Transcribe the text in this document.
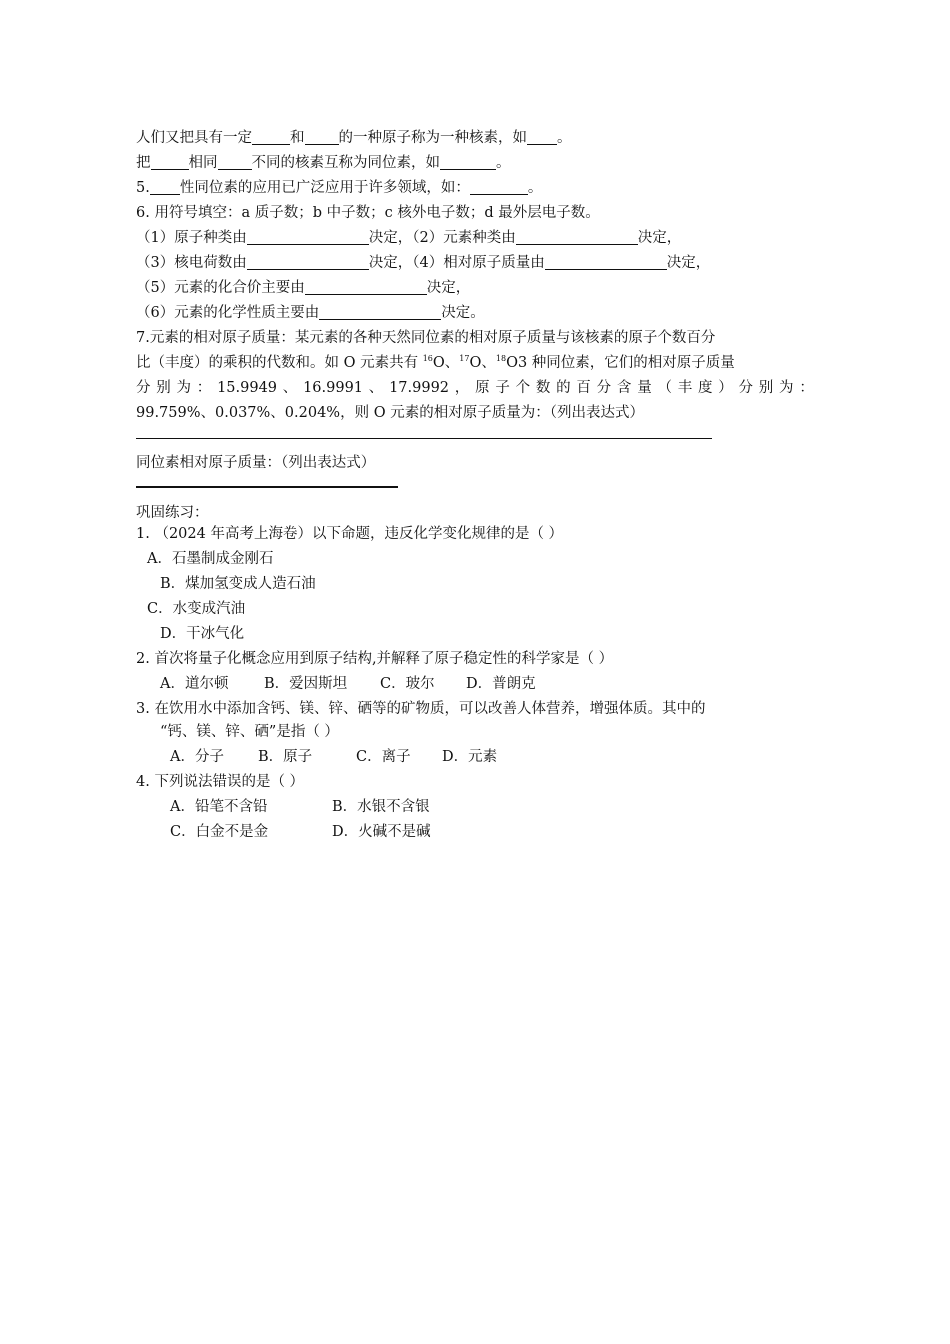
人们又把具有一定	和 的一种原子称为一种核素，如 。
把	相同 不同的核素互称为同位素，如	。
5. 性同位素的应用已广泛应用于许多领域，如：	。
6. 用符号填空：a 质子数；b 中子数；c 核外电子数；d 最外层电子数。
（1）原子种类由	决定，（2）元素种类由	决定，
（3）核电荷数由	决定，（4）相对原子质量由	决定，
（5）元素的化合价主要由	决定，
（6）元素的化学性质主要由	决定。
7.元素的相对原子质量：某元素的各种天然同位素的相对原子质量与该核素的原子个数百分
比（丰度）的乘积的代数和。如 O 元素共有 $^{16}$O、$^{17}$O、$^{18}$O3 种同位素，它们的相对原子质量
分 别 为 ： 15.9949 、 16.9991 、 17.9992 ， 原 子 个 数 的 百 分 含 量 （ 丰 度 ） 分 别 为 ：
99.759%、0.037%、0.204%，则 O 元素的相对原子质量为：（列出表达式）
同位素相对原子质量：（列出表达式）
巩固练习：
1. （2024 年高考上海卷）以下命题，违反化学变化规律的是（ ）
A．石墨制成金刚石
B．煤加氢变成人造石油
C．水变成汽油
D．干冰气化
2. 首次将量子化概念应用到原子结构,并解释了原子稳定性的科学家是（ ）
A．道尔顿 B．爱因斯坦 C．玻尔 D．普朗克
3. 在饮用水中添加含钙、镁、锌、硒等的矿物质，可以改善人体营养，增强体质。其中的
“钙、镁、锌、硒”是指（ ）
A．分子 B．原子	C．离子 D．元素
4. 下列说法错误的是（ ）
A．铅笔不含铅	B．水银不含银
C．白金不是金	D．火碱不是碱
